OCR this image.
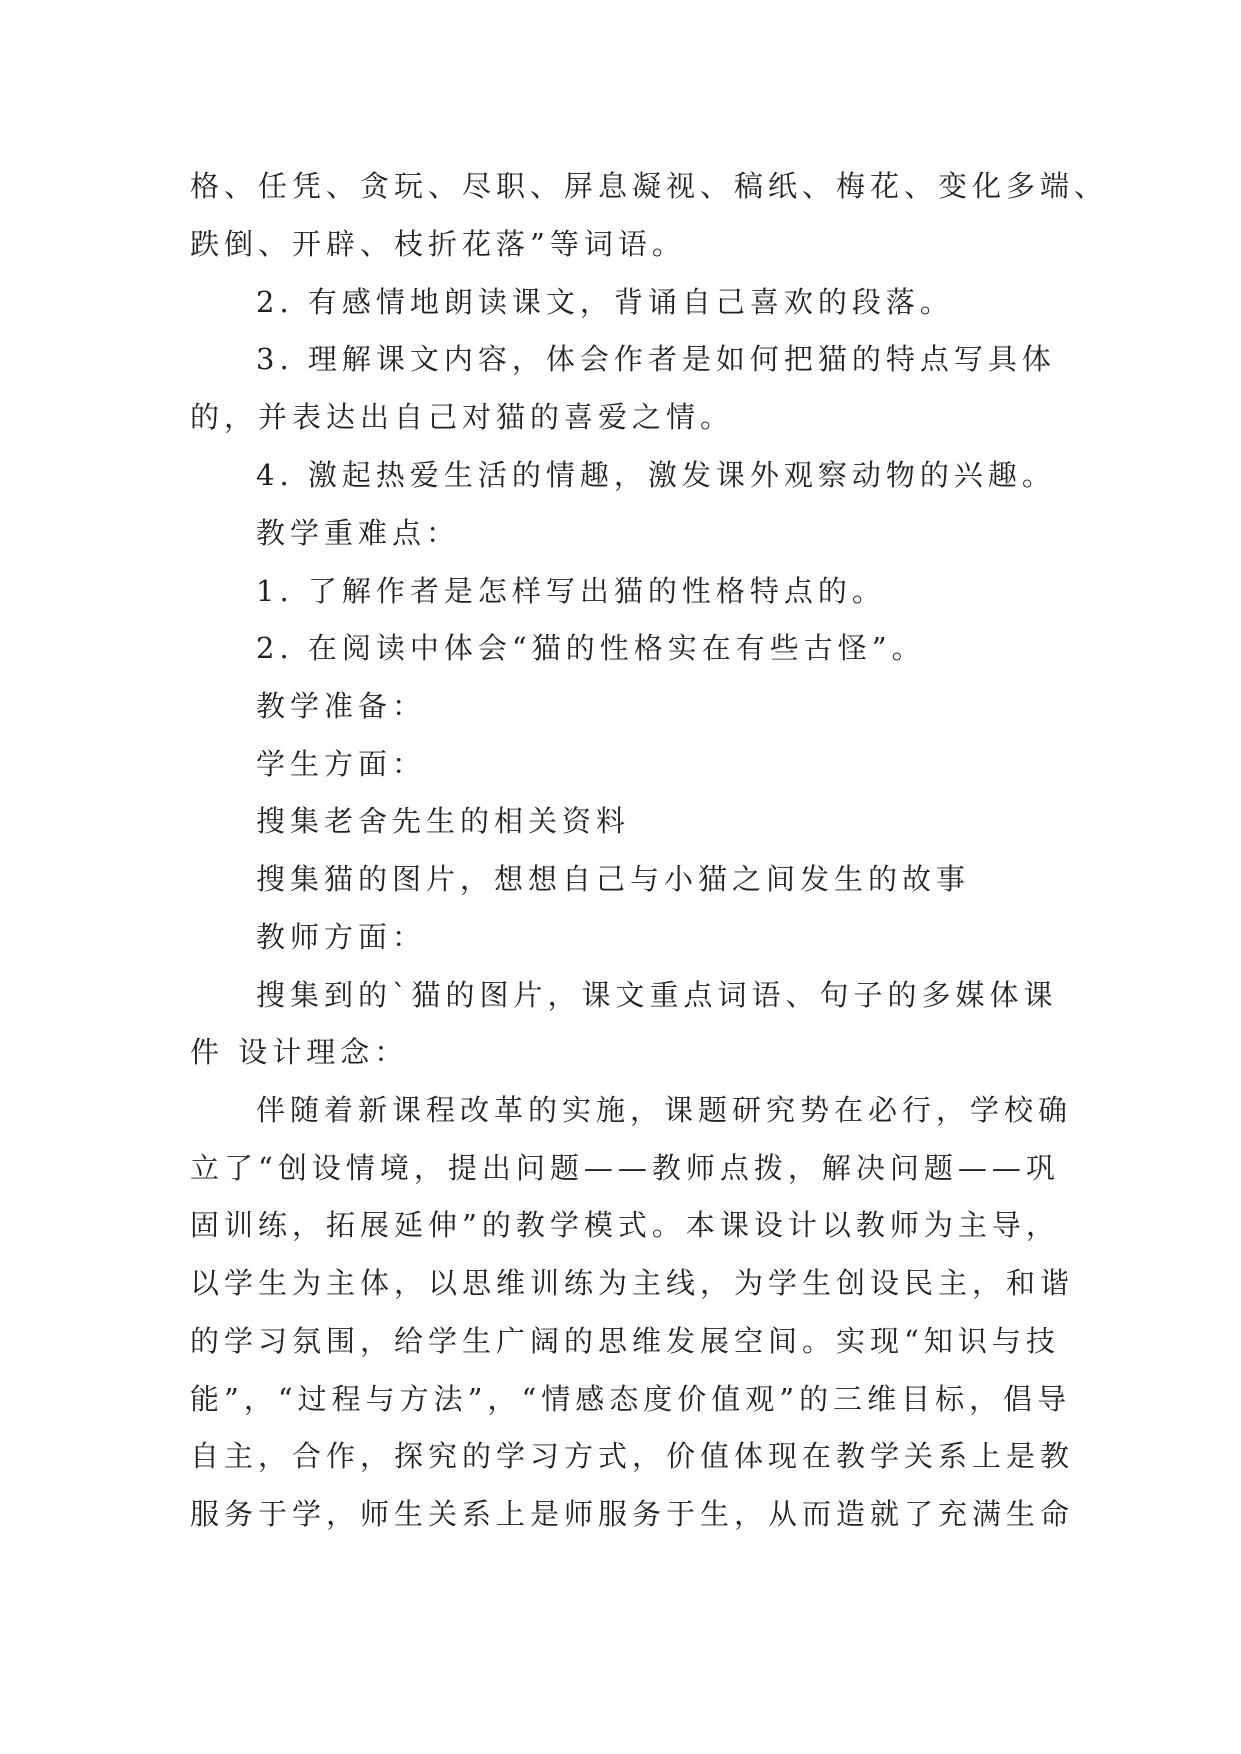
格、任凭、贪玩、尽职、屏息凝视、稿纸、梅花、变化多端、
跌倒、开辟、枝折花落”等词语。
2. 有感情地朗读课文，背诵自己喜欢的段落。
3. 理解课文内容，体会作者是如何把猫的特点写具体
的，并表达出自己对猫的喜爱之情。
4. 激起热爱生活的情趣，激发课外观察动物的兴趣。
教学重难点：
1. 了解作者是怎样写出猫的性格特点的。
2. 在阅读中体会“猫的性格实在有些古怪”。
教学准备：
学生方面：
搜集老舍先生的相关资料
搜集猫的图片，想想自己与小猫之间发生的故事
教师方面：
搜集到的`猫的图片，课文重点词语、句子的多媒体课
件 设计理念：
伴随着新课程改革的实施，课题研究势在必行，学校确
立了“创设情境，提出问题——教师点拨，解决问题——巩
固训练，拓展延伸”的教学模式。本课设计以教师为主导，
以学生为主体，以思维训练为主线，为学生创设民主，和谐
的学习氛围，给学生广阔的思维发展空间。实现“知识与技
能”，“过程与方法”，“情感态度价值观”的三维目标，倡导
自主，合作，探究的学习方式，价值体现在教学关系上是教
服务于学，师生关系上是师服务于生，从而造就了充满生命
